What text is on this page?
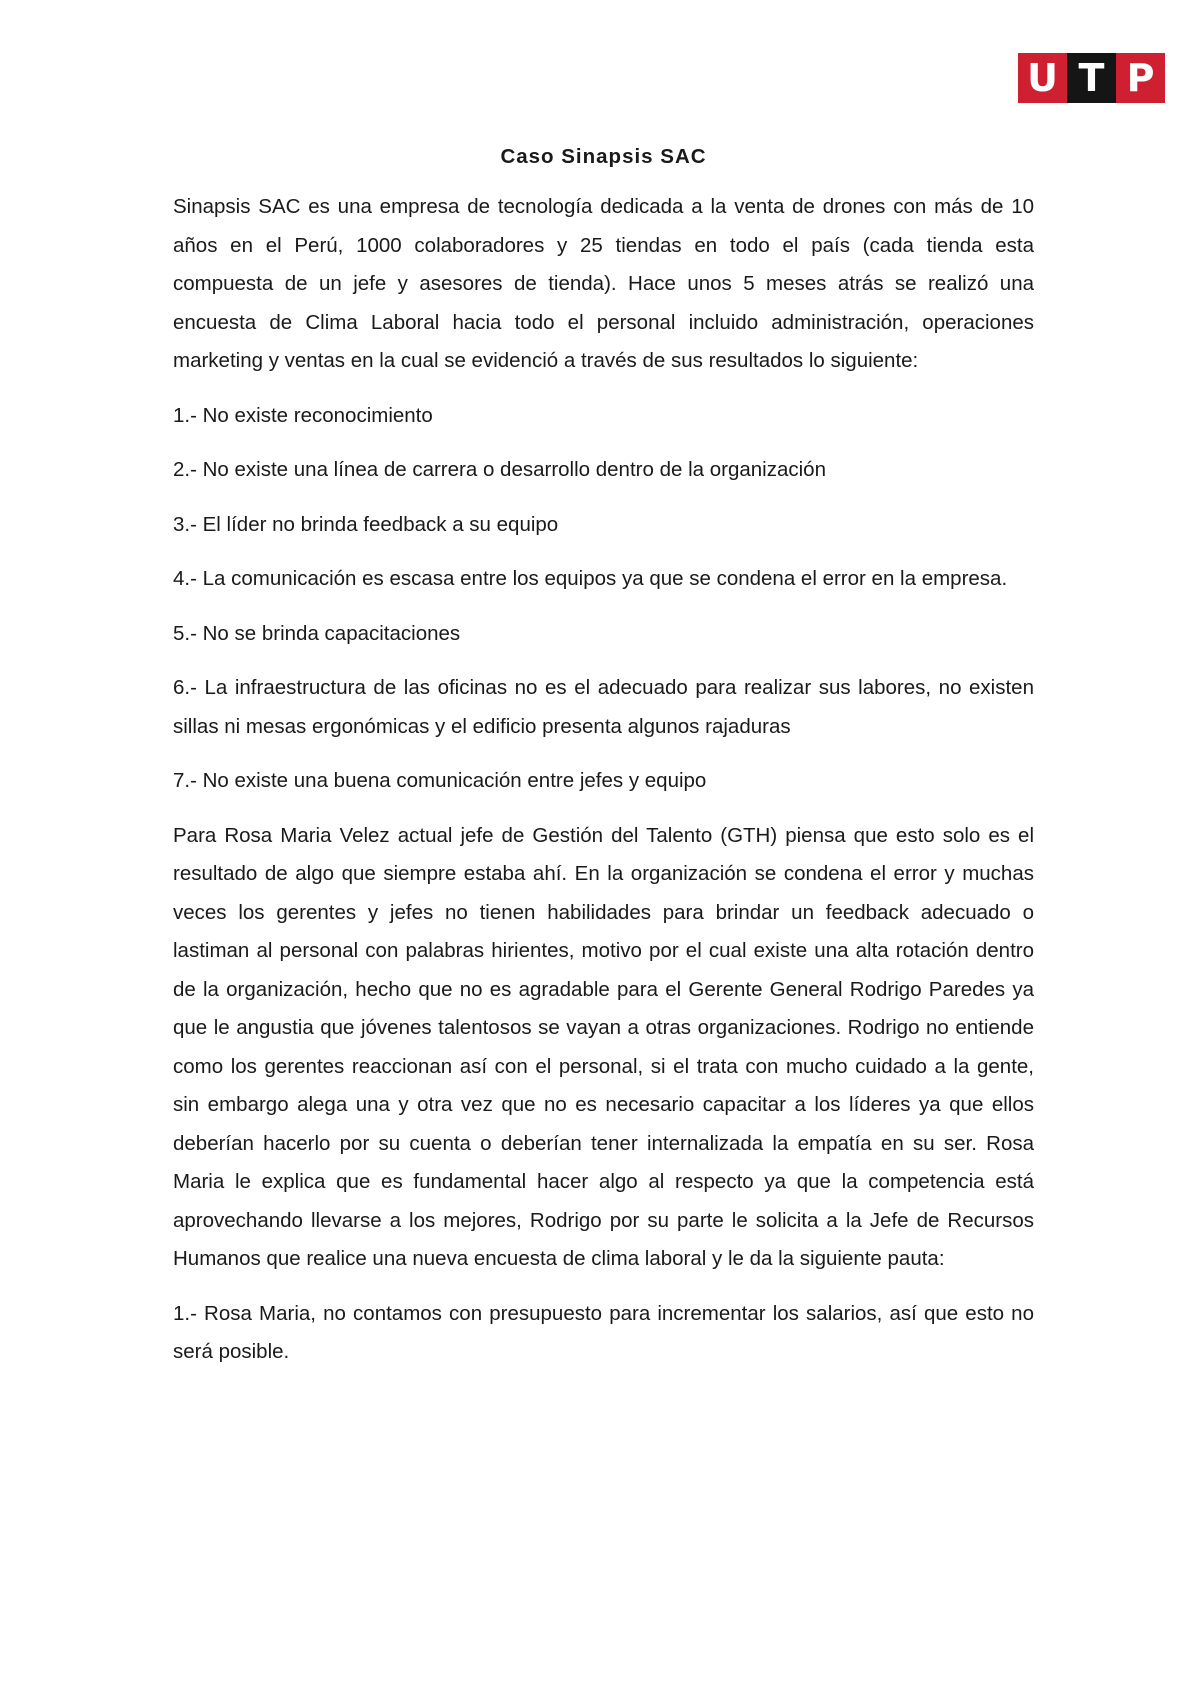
U T P

Caso Sinapsis SAC

Sinapsis SAC es una empresa de tecnología dedicada a la venta de drones con más de 10 años en el Perú, 1000 colaboradores y 25 tiendas en todo el país (cada tienda esta compuesta de un jefe y asesores de tienda). Hace unos 5 meses atrás se realizó una encuesta de Clima Laboral hacia todo el personal incluido administración, operaciones marketing y ventas en la cual se evidenció a través de sus resultados lo siguiente:

1.- No existe reconocimiento

2.- No existe una línea de carrera o desarrollo dentro de la organización

3.- El líder no brinda feedback a su equipo

4.- La comunicación es escasa entre los equipos ya que se condena el error en la empresa.

5.- No se brinda capacitaciones

6.- La infraestructura de las oficinas no es el adecuado para realizar sus labores, no existen sillas ni mesas ergonómicas y el edificio presenta algunos rajaduras

7.- No existe una buena comunicación entre jefes y equipo

Para Rosa Maria Velez actual jefe de Gestión del Talento (GTH) piensa que esto solo es el resultado de algo que siempre estaba ahí. En la organización se condena el error y muchas veces los gerentes y jefes no tienen habilidades para brindar un feedback adecuado o lastiman al personal con palabras hirientes, motivo por el cual existe una alta rotación dentro de la organización, hecho que no es agradable para el Gerente General Rodrigo Paredes ya que le angustia que jóvenes talentosos se vayan a otras organizaciones. Rodrigo no entiende como los gerentes reaccionan así con el personal, si el trata con mucho cuidado a la gente, sin embargo alega una y otra vez que no es necesario capacitar a los líderes ya que ellos deberían hacerlo por su cuenta o deberían tener internalizada la empatía en su ser. Rosa Maria le explica que es fundamental hacer algo al respecto ya que la competencia está aprovechando llevarse a los mejores, Rodrigo por su parte le solicita a la Jefe de Recursos Humanos que realice una nueva encuesta de clima laboral y le da la siguiente pauta:

1.- Rosa Maria, no contamos con presupuesto para incrementar los salarios, así que esto no será posible.
